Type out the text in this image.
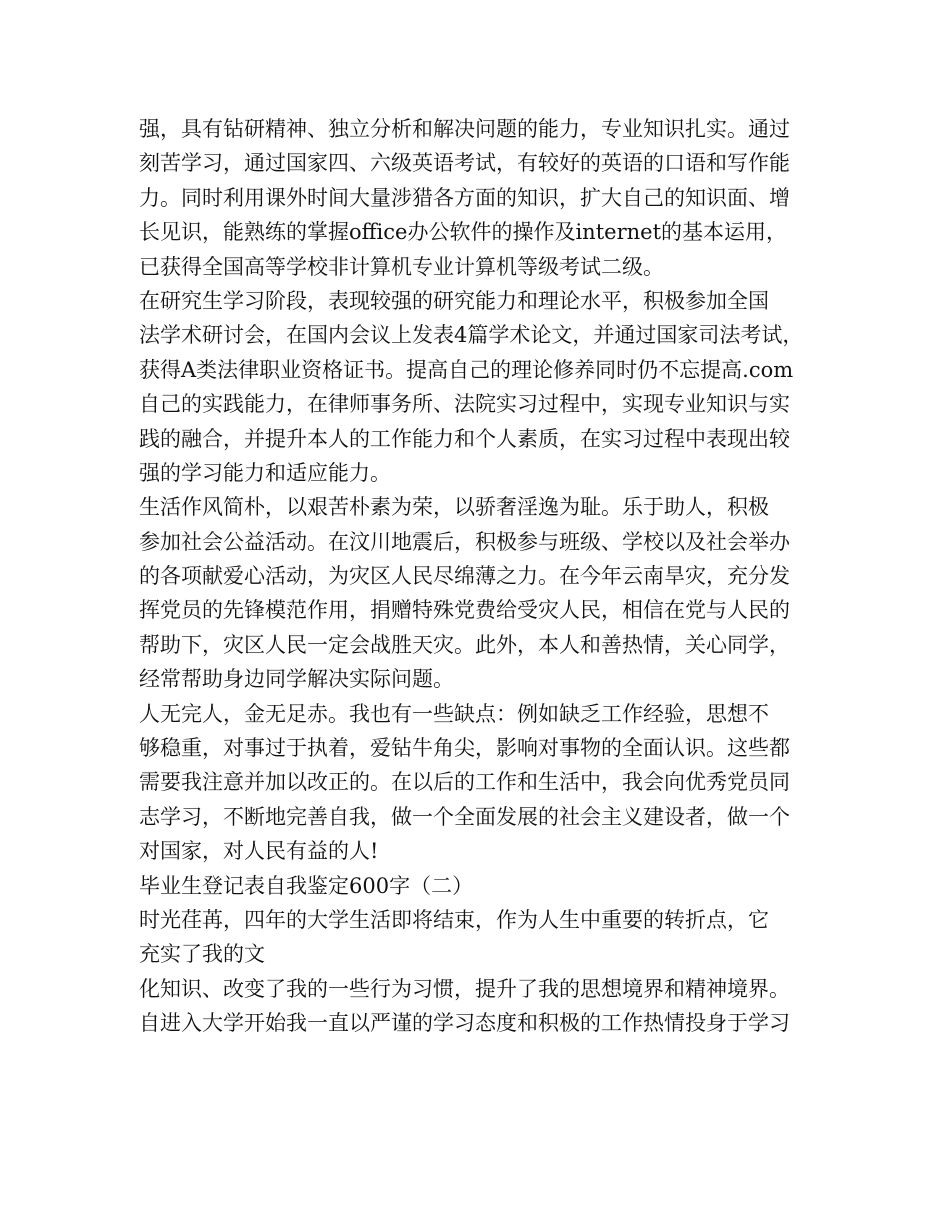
强，具有钻研精神、独立分析和解决问题的能力，专业知识扎实。通过
刻苦学习，通过国家四、六级英语考试，有较好的英语的口语和写作能
力。同时利用课外时间大量涉猎各方面的知识，扩大自己的知识面、增
长见识，能熟练的掌握office办公软件的操作及internet的基本运用，
已获得全国高等学校非计算机专业计算机等级考试二级。
在研究生学习阶段，表现较强的研究能力和理论水平，积极参加全国
法学术研讨会，在国内会议上发表4篇学术论文，并通过国家司法考试，
获得A类法律职业资格证书。提高自己的理论修养同时仍不忘提高.com
自己的实践能力，在律师事务所、法院实习过程中，实现专业知识与实
践的融合，并提升本人的工作能力和个人素质，在实习过程中表现出较
强的学习能力和适应能力。
生活作风简朴，以艰苦朴素为荣，以骄奢淫逸为耻。乐于助人，积极
参加社会公益活动。在汶川地震后，积极参与班级、学校以及社会举办
的各项献爱心活动，为灾区人民尽绵薄之力。在今年云南旱灾，充分发
挥党员的先锋模范作用，捐赠特殊党费给受灾人民，相信在党与人民的
帮助下，灾区人民一定会战胜天灾。此外，本人和善热情，关心同学，
经常帮助身边同学解决实际问题。
人无完人，金无足赤。我也有一些缺点：例如缺乏工作经验，思想不
够稳重，对事过于执着，爱钻牛角尖，影响对事物的全面认识。这些都
需要我注意并加以改正的。在以后的工作和生活中，我会向优秀党员同
志学习，不断地完善自我，做一个全面发展的社会主义建设者，做一个
对国家，对人民有益的人!
毕业生登记表自我鉴定600字（二）
时光荏苒，四年的大学生活即将结束，作为人生中重要的转折点，它
充实了我的文
化知识、改变了我的一些行为习惯，提升了我的思想境界和精神境界。
自进入大学开始我一直以严谨的学习态度和积极的工作热情投身于学习
